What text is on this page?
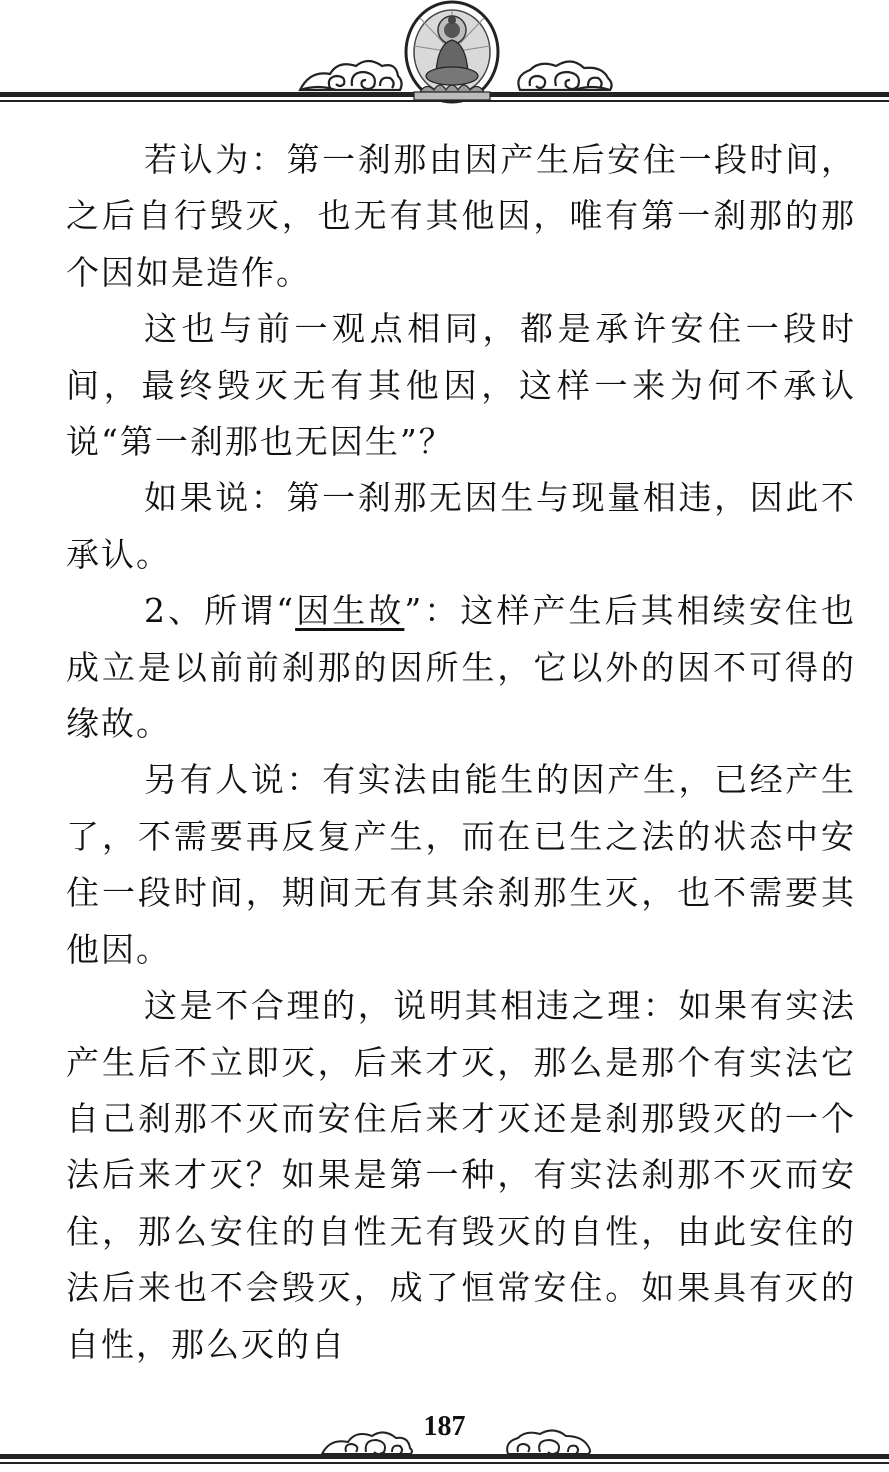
若认为：第一刹那由因产生后安住一段时间，之后自行毁灭，也无有其他因，唯有第一刹那的那个因如是造作。

这也与前一观点相同，都是承许安住一段时间，最终毁灭无有其他因，这样一来为何不承认说“第一刹那也无因生”？

如果说：第一刹那无因生与现量相违，因此不承认。

2、所谓“因生故”：这样产生后其相续安住也成立是以前前刹那的因所生，它以外的因不可得的缘故。

另有人说：有实法由能生的因产生，已经产生了，不需要再反复产生，而在已生之法的状态中安住一段时间，期间无有其余刹那生灭，也不需要其他因。

这是不合理的，说明其相违之理：如果有实法产生后不立即灭，后来才灭，那么是那个有实法它自己刹那不灭而安住后来才灭还是刹那毁灭的一个法后来才灭？如果是第一种，有实法刹那不灭而安住，那么安住的自性无有毁灭的自性，由此安住的法后来也不会毁灭，成了恒常安住。如果具有灭的自性，那么灭的自

187
